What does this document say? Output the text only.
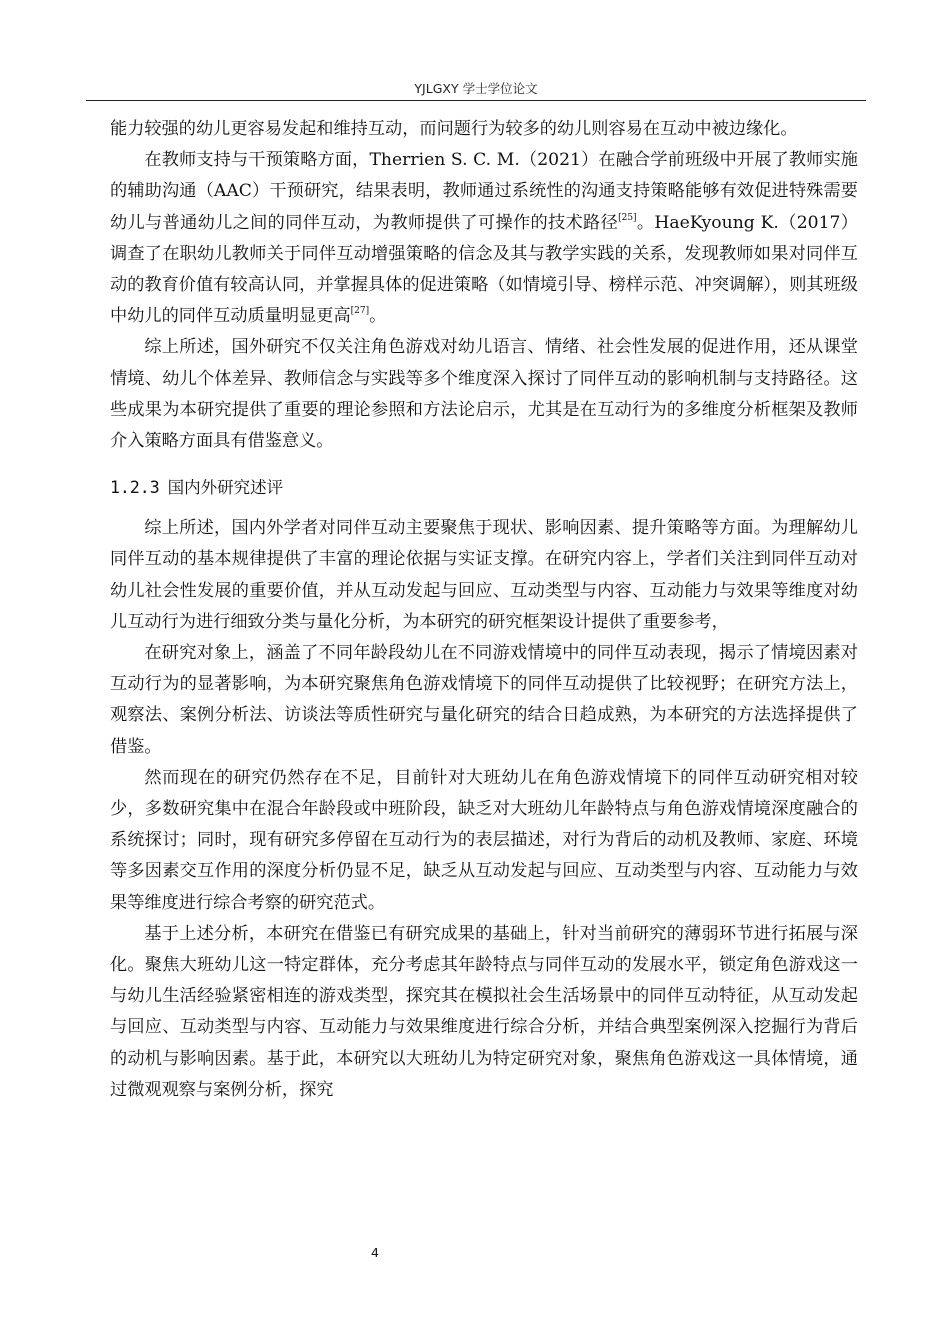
YJLGXY 学士学位论文

能力较强的幼儿更容易发起和维持互动，而问题行为较多的幼儿则容易在互动中被边缘化。

在教师支持与干预策略方面，Therrien S. C. M.（2021）在融合学前班级中开展了教师实施的辅助沟通（AAC）干预研究，结果表明，教师通过系统性的沟通支持策略能够有效促进特殊需要幼儿与普通幼儿之间的同伴互动，为教师提供了可操作的技术路径[25]。HaeKyoung K.（2017）调查了在职幼儿教师关于同伴互动增强策略的信念及其与教学实践的关系，发现教师如果对同伴互动的教育价值有较高认同，并掌握具体的促进策略（如情境引导、榜样示范、冲突调解），则其班级中幼儿的同伴互动质量明显更高[27]。

综上所述，国外研究不仅关注角色游戏对幼儿语言、情绪、社会性发展的促进作用，还从课堂情境、幼儿个体差异、教师信念与实践等多个维度深入探讨了同伴互动的影响机制与支持路径。这些成果为本研究提供了重要的理论参照和方法论启示，尤其是在互动行为的多维度分析框架及教师介入策略方面具有借鉴意义。

1.2.3 国内外研究述评

综上所述，国内外学者对同伴互动主要聚焦于现状、影响因素、提升策略等方面。为理解幼儿同伴互动的基本规律提供了丰富的理论依据与实证支撑。在研究内容上，学者们关注到同伴互动对幼儿社会性发展的重要价值，并从互动发起与回应、互动类型与内容、互动能力与效果等维度对幼儿互动行为进行细致分类与量化分析，为本研究的研究框架设计提供了重要参考，

在研究对象上，涵盖了不同年龄段幼儿在不同游戏情境中的同伴互动表现，揭示了情境因素对互动行为的显著影响，为本研究聚焦角色游戏情境下的同伴互动提供了比较视野；在研究方法上，观察法、案例分析法、访谈法等质性研究与量化研究的结合日趋成熟，为本研究的方法选择提供了借鉴。

然而现在的研究仍然存在不足，目前针对大班幼儿在角色游戏情境下的同伴互动研究相对较少，多数研究集中在混合年龄段或中班阶段，缺乏对大班幼儿年龄特点与角色游戏情境深度融合的系统探讨；同时，现有研究多停留在互动行为的表层描述，对行为背后的动机及教师、家庭、环境等多因素交互作用的深度分析仍显不足，缺乏从互动发起与回应、互动类型与内容、互动能力与效果等维度进行综合考察的研究范式。

基于上述分析，本研究在借鉴已有研究成果的基础上，针对当前研究的薄弱环节进行拓展与深化。聚焦大班幼儿这一特定群体，充分考虑其年龄特点与同伴互动的发展水平，锁定角色游戏这一与幼儿生活经验紧密相连的游戏类型，探究其在模拟社会生活场景中的同伴互动特征，从互动发起与回应、互动类型与内容、互动能力与效果维度进行综合分析，并结合典型案例深入挖掘行为背后的动机与影响因素。基于此，本研究以大班幼儿为特定研究对象，聚焦角色游戏这一具体情境，通过微观观察与案例分析，探究

4
